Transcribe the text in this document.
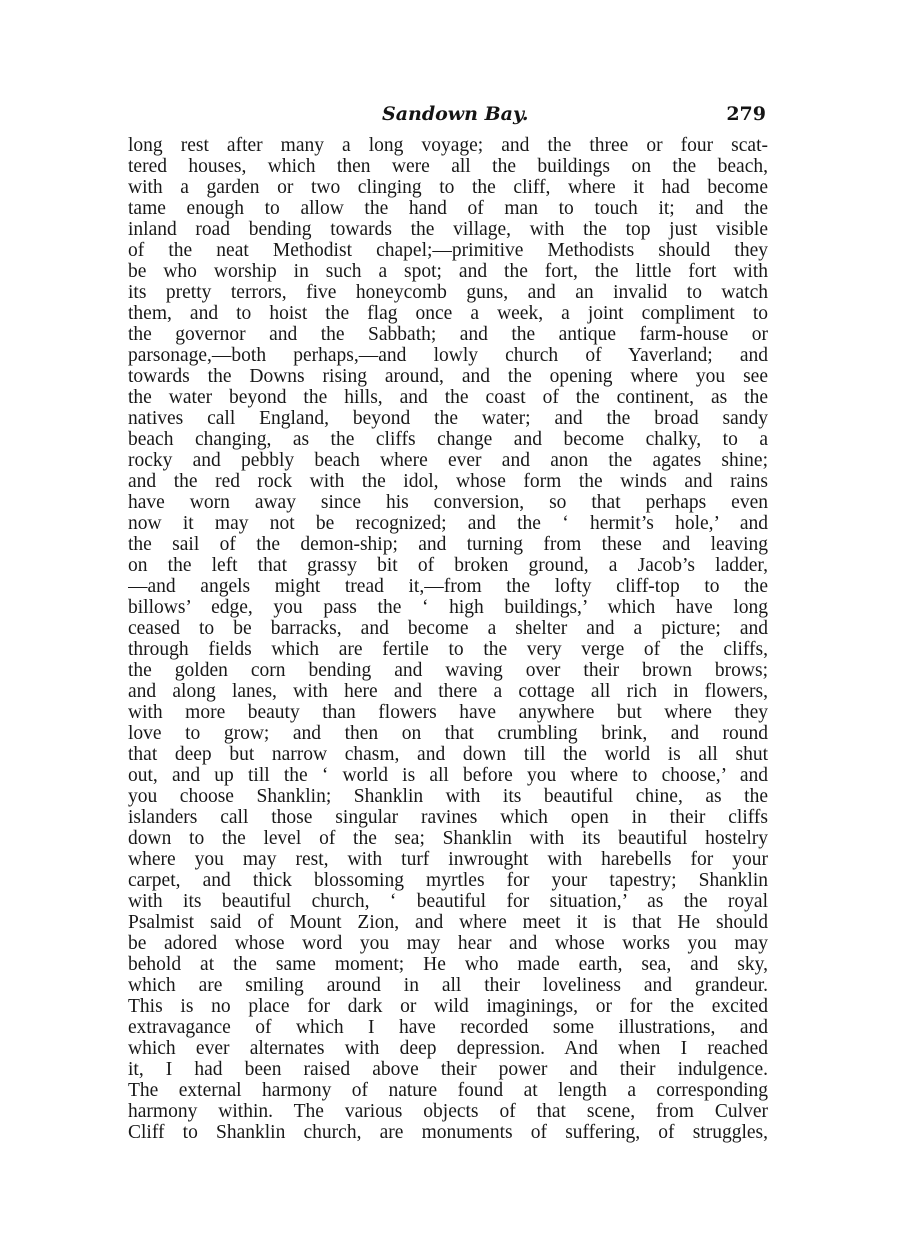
Sandown Bay.	279
long rest after many a long voyage; and the three or four scat-
tered houses, which then were all the buildings on the beach,
with a garden or two clinging to the cliff, where it had become
tame enough to allow the hand of man to touch it; and the
inland road bending towards the village, with the top just visible
of the neat Methodist chapel;—primitive Methodists should they
be who worship in such a spot; and the fort, the little fort with
its pretty terrors, five honeycomb guns, and an invalid to watch
them, and to hoist the flag once a week, a joint compliment to
the governor and the Sabbath; and the antique farm-house or
parsonage,—both perhaps,—and lowly church of Yaverland; and
towards the Downs rising around, and the opening where you see
the water beyond the hills, and the coast of the continent, as the
natives call England, beyond the water; and the broad sandy
beach changing, as the cliffs change and become chalky, to a
rocky and pebbly beach where ever and anon the agates shine;
and the red rock with the idol, whose form the winds and rains
have worn away since his conversion, so that perhaps even
now it may not be recognized; and the ‘ hermit’s hole,’ and
the sail of the demon-ship; and turning from these and leaving
on the left that grassy bit of broken ground, a Jacob’s ladder,
—and angels might tread it,—from the lofty cliff-top to the
billows’ edge, you pass the ‘ high buildings,’ which have long
ceased to be barracks, and become a shelter and a picture; and
through fields which are fertile to the very verge of the cliffs,
the golden corn bending and waving over their brown brows;
and along lanes, with here and there a cottage all rich in flowers,
with more beauty than flowers have anywhere but where they
love to grow; and then on that crumbling brink, and round
that deep but narrow chasm, and down till the world is all shut
out, and up till the ‘ world is all before you where to choose,’ and
you choose Shanklin; Shanklin with its beautiful chine, as the
islanders call those singular ravines which open in their cliffs
down to the level of the sea; Shanklin with its beautiful hostelry
where you may rest, with turf inwrought with harebells for your
carpet, and thick blossoming myrtles for your tapestry; Shanklin
with its beautiful church, ‘ beautiful for situation,’ as the royal
Psalmist said of Mount Zion, and where meet it is that He should
be adored whose word you may hear and whose works you may
behold at the same moment; He who made earth, sea, and sky,
which are smiling around in all their loveliness and grandeur.
This is no place for dark or wild imaginings, or for the excited
extravagance of which I have recorded some illustrations, and
which ever alternates with deep depression. And when I reached
it, I had been raised above their power and their indulgence.
The external harmony of nature found at length a corresponding
harmony within. The various objects of that scene, from Culver
Cliff to Shanklin church, are monuments of suffering, of struggles,
